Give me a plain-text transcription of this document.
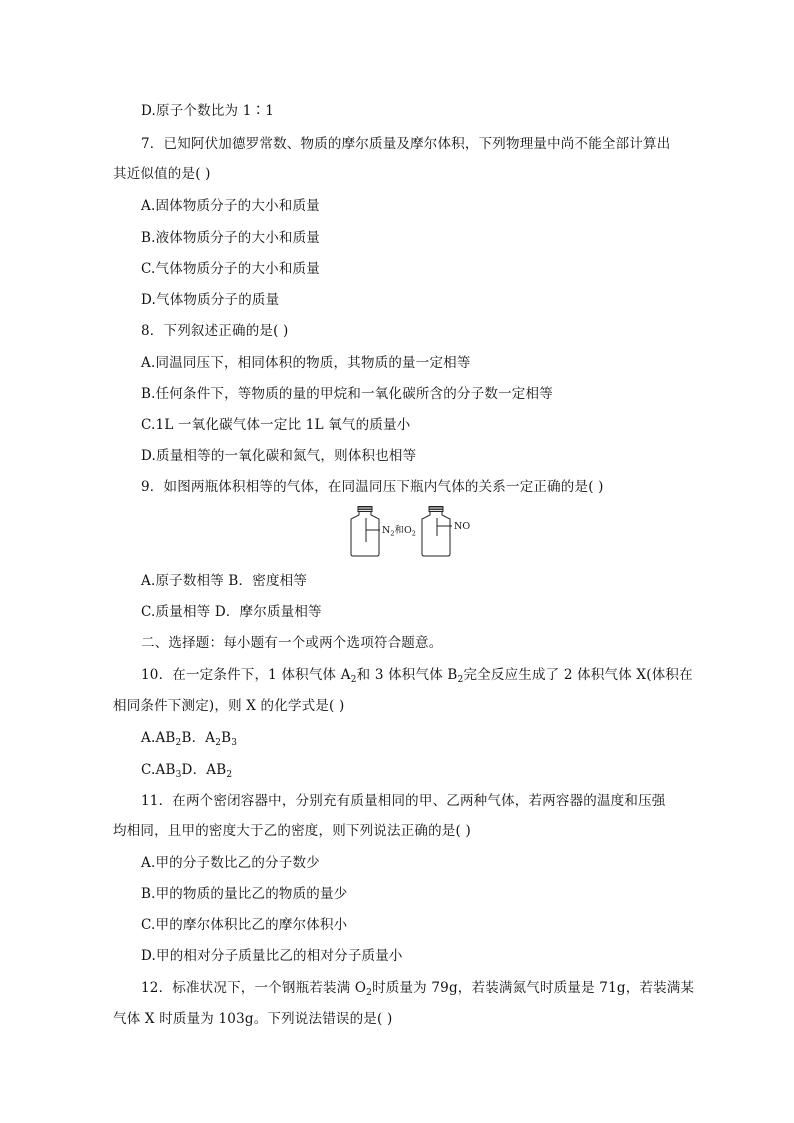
D.原子个数比为 1∶1
7．已知阿伏加德罗常数、物质的摩尔质量及摩尔体积，下列物理量中尚不能全部计算出
其近似值的是( )
A.固体物质分子的大小和质量
B.液体物质分子的大小和质量
C.气体物质分子的大小和质量
D.气体物质分子的质量
8．下列叙述正确的是( )
A.同温同压下，相同体积的物质，其物质的量一定相等
B.任何条件下，等物质的量的甲烷和一氧化碳所含的分子数一定相等
C.1L 一氧化碳气体一定比 1L 氧气的质量小
D.质量相等的一氧化碳和氮气，则体积也相等
9．如图两瓶体积相等的气体，在同温同压下瓶内气体的关系一定正确的是( )
$N_2$和$O_2$
NO
A.原子数相等 B．密度相等
C.质量相等 D．摩尔质量相等
二、选择题：每小题有一个或两个选项符合题意。
10．在一定条件下，1 体积气体 $A_2$和 3 体积气体 $B_2$完全反应生成了 2 体积气体 X(体积在
相同条件下测定)，则 X 的化学式是( )
$A.AB_2B$．$A_2B_3$
$C.AB_3D$．$AB_2$
11．在两个密闭容器中，分别充有质量相同的甲、乙两种气体，若两容器的温度和压强
均相同，且甲的密度大于乙的密度，则下列说法正确的是( )
A.甲的分子数比乙的分子数少
B.甲的物质的量比乙的物质的量少
C.甲的摩尔体积比乙的摩尔体积小
D.甲的相对分子质量比乙的相对分子质量小
12．标准状况下，一个钢瓶若装满 $O_2$时质量为 79g，若装满氮气时质量是 71g，若装满某
气体 X 时质量为 103g。下列说法错误的是( )
